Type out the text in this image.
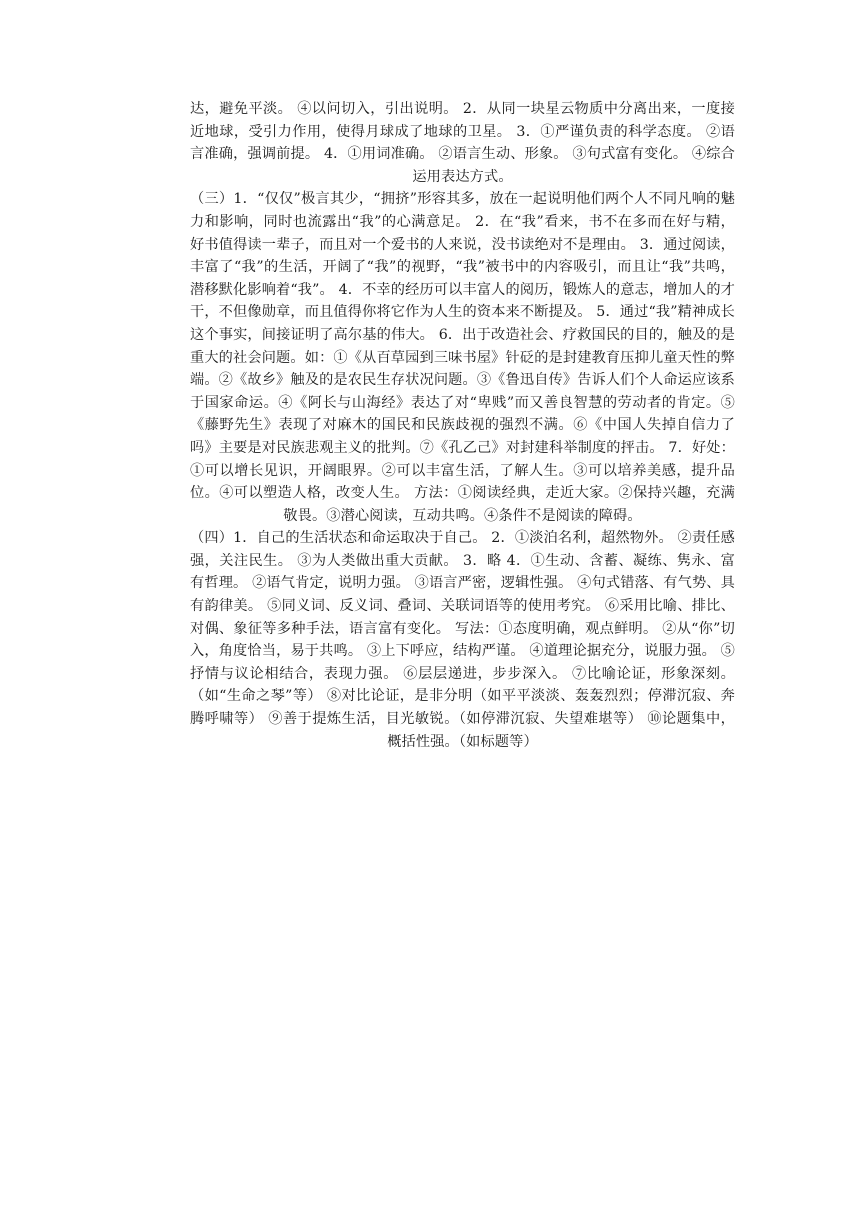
达，避免平淡。 ④以问切入，引出说明。 2．从同一块星云物质中分离出来，一度接近地球，受引力作用，使得月球成了地球的卫星。 3．①严谨负责的科学态度。 ②语言准确，强调前提。 4．①用词准确。 ②语言生动、形象。 ③句式富有变化。 ④综合运用表达方式。

（三）1．“仅仅”极言其少，“拥挤”形容其多，放在一起说明他们两个人不同凡响的魅力和影响，同时也流露出“我”的心满意足。 2．在“我”看来，书不在多而在好与精，好书值得读一辈子，而且对一个爱书的人来说，没书读绝对不是理由。 3．通过阅读，丰富了“我”的生活，开阔了“我”的视野，“我”被书中的内容吸引，而且让“我”共鸣，潜移默化影响着“我”。 4．不幸的经历可以丰富人的阅历，锻炼人的意志，增加人的才干，不但像勋章，而且值得你将它作为人生的资本来不断提及。 5．通过“我”精神成长这个事实，间接证明了高尔基的伟大。 6．出于改造社会、疗救国民的目的，触及的是重大的社会问题。如：①《从百草园到三味书屋》针砭的是封建教育压抑儿童天性的弊端。②《故乡》触及的是农民生存状况问题。③《鲁迅自传》告诉人们个人命运应该系于国家命运。④《阿长与山海经》表达了对“卑贱”而又善良智慧的劳动者的肯定。⑤《藤野先生》表现了对麻木的国民和民族歧视的强烈不满。⑥《中国人失掉自信力了吗》主要是对民族悲观主义的批判。⑦《孔乙己》对封建科举制度的抨击。 7．好处：①可以增长见识，开阔眼界。②可以丰富生活，了解人生。③可以培养美感，提升品位。④可以塑造人格，改变人生。 方法：①阅读经典，走近大家。②保持兴趣，充满敬畏。③潜心阅读，互动共鸣。④条件不是阅读的障碍。

（四）1．自己的生活状态和命运取决于自己。 2．①淡泊名利，超然物外。 ②责任感强，关注民生。 ③为人类做出重大贡献。 3．略 4．①生动、含蓄、凝练、隽永、富有哲理。 ②语气肯定，说明力强。 ③语言严密，逻辑性强。 ④句式错落、有气势、具有韵律美。 ⑤同义词、反义词、叠词、关联词语等的使用考究。 ⑥采用比喻、排比、对偶、象征等多种手法，语言富有变化。 写法：①态度明确，观点鲜明。 ②从“你”切入，角度恰当，易于共鸣。 ③上下呼应，结构严谨。 ④道理论据充分，说服力强。 ⑤抒情与议论相结合，表现力强。 ⑥层层递进，步步深入。 ⑦比喻论证，形象深刻。（如“生命之琴”等） ⑧对比论证，是非分明（如平平淡淡、轰轰烈烈；停滞沉寂、奔腾呼啸等） ⑨善于提炼生活，目光敏锐。（如停滞沉寂、失望难堪等） ⑩论题集中，概括性强。（如标题等）
